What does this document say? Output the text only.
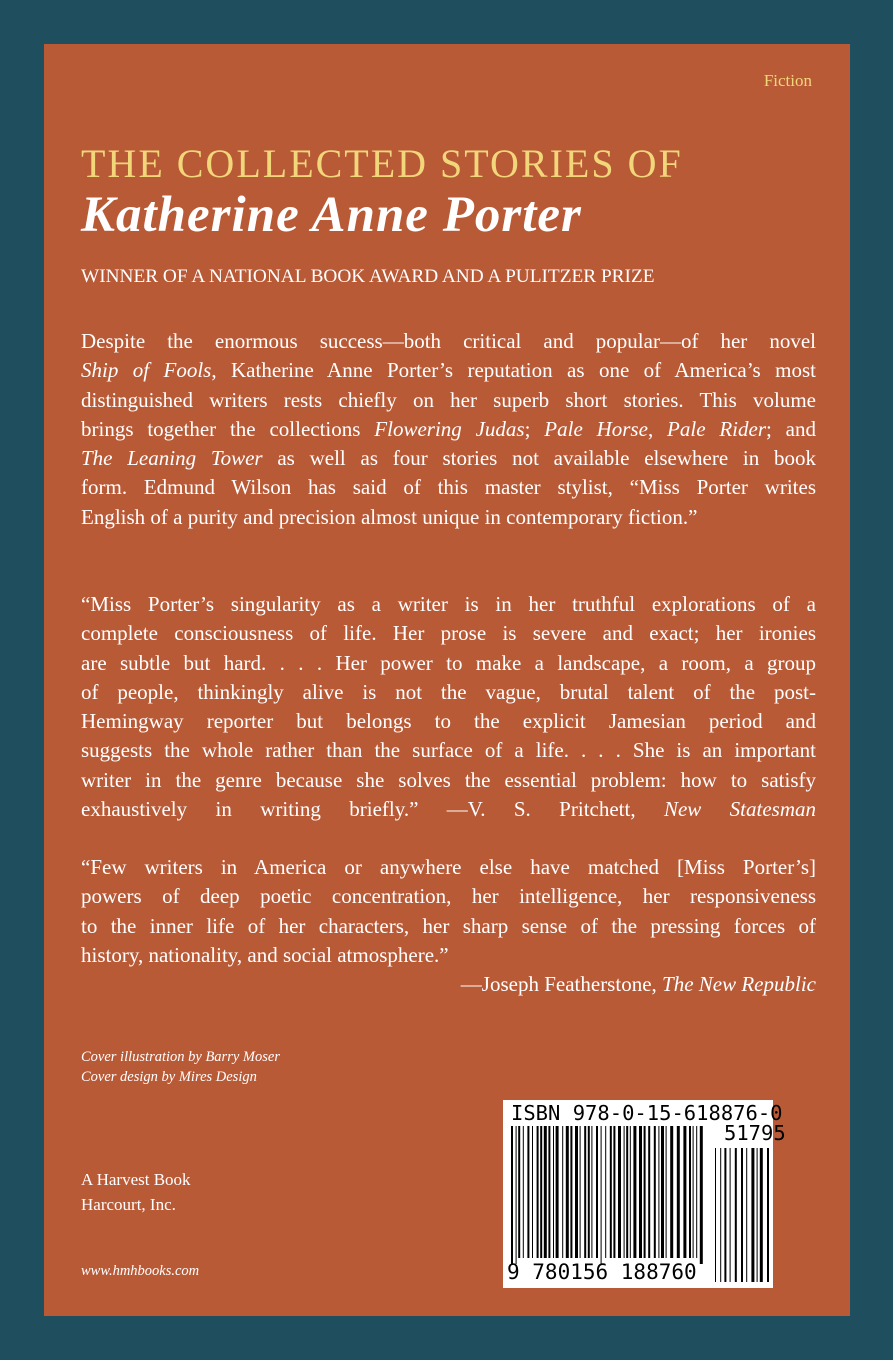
Fiction
THE COLLECTED STORIES OF
Katherine Anne Porter
WINNER OF A NATIONAL BOOK AWARD AND A PULITZER PRIZE
Despite the enormous success—both critical and popular—of her novel
Ship of Fools, Katherine Anne Porter’s reputation as one of America’s most
distinguished writers rests chiefly on her superb short stories. This volume
brings together the collections Flowering Judas; Pale Horse, Pale Rider; and
The Leaning Tower as well as four stories not available elsewhere in book
form. Edmund Wilson has said of this master stylist, “Miss Porter writes
English of a purity and precision almost unique in contemporary fiction.”
“Miss Porter’s singularity as a writer is in her truthful explorations of a
complete consciousness of life. Her prose is severe and exact; her ironies
are subtle but hard. . . . Her power to make a landscape, a room, a group
of people, thinkingly alive is not the vague, brutal talent of the post-
Hemingway reporter but belongs to the explicit Jamesian period and
suggests the whole rather than the surface of a life. . . . She is an important
writer in the genre because she solves the essential problem: how to satisfy
exhaustively in writing briefly.” —V. S. Pritchett, New Statesman
“Few writers in America or anywhere else have matched [Miss Porter’s]
powers of deep poetic concentration, her intelligence, her responsiveness
to the inner life of her characters, her sharp sense of the pressing forces of
history, nationality, and social atmosphere.”
—Joseph Featherstone, The New Republic
Cover illustration by Barry Moser
Cover design by Mires Design
A Harvest Book
Harcourt, Inc.
www.hmhbooks.com
ISBN 978-0-15-618876-0
51795
9 780156 188760
